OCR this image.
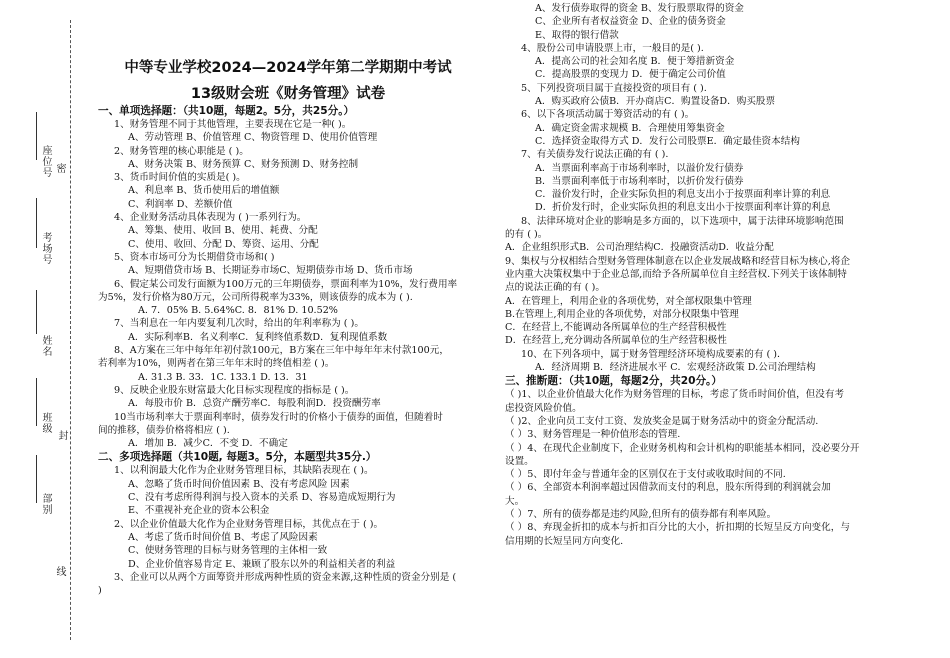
座位号 密
考场号
姓名
班级
封
部别
线
中等专业学校2024—2024学年第二学期期中考试
13级财会班《财务管理》试卷
一、单项选择题：（共10题，每题2。5分，共25分。）
1、财务管理不同于其他管理，主要表现在它是一种( )。
A、劳动管理 B、价值管理 C、物资管理 D、使用价值管理
2、财务管理的核心职能是 ( )。
A、财务决策 B、财务预算 C、财务预测 D、财务控制
3、货币时间价值的实质是( )。
A、利息率 B、货币使用后的增值额
C、利润率 D、差额价值
4、企业财务活动具体表现为 ( )一系列行为。
A、筹集、使用、收回 B、使用、耗费、分配
C、使用、收回、分配 D、筹资、运用、分配
5、资本市场可分为长期借贷市场和( )
A、短期借贷市场 B、长期证券市场C、短期债券市场 D、货币市场
6、假定某公司发行面额为100万元的三年期债券，票面利率为10%，发行费用率
为5%，发行价格为80万元，公司所得税率为33%，则该债券的成本为 ( ).
A. 7．05% B. 5.64%C. 8．81% D. 10.52%
7、当利息在一年内要复利几次时，给出的年利率称为 ( )。
A．实际利率B．名义利率C．复利终值系数D．复利现值系数
8、A方案在三年中每年年初付款100元，B方案在三年中每年年末付款100元，
若利率为10%，则两者在第三年年末时的终值相差 ( )。
A. 31.3 B. 33．1C. 133.1 D. 13．31
9、反映企业股东财富最大化目标实现程度的指标是 ( )。
A．每股市价 B．总资产酬劳率C．每股利润D．投资酬劳率
10当市场利率大于票面利率时，债券发行时的价格小于债券的面值，但随着时
间的推移，债券价格将相应 ( ).
A．增加 B．减少C．不变 D．不确定
二、多项选择题（共10题, 每题3。5分，本题型共35分.）
1、以利润最大化作为企业财务管理目标，其缺陷表现在 ( )。
A、忽略了货币时间价值因素 B、没有考虑风险 因素
C、没有考虑所得利润与投入资本的关系 D、容易造成短期行为
E、不重视补充企业的资本公积金
2、以企业价值最大化作为企业财务管理目标，其优点在于 ( )。
A、考虑了货币时间价值 B、考虑了风险因素
C、使财务管理的目标与财务管理的主体相一致
D、企业价值容易肯定 E、兼顾了股东以外的利益相关者的利益
3、企业可以从两个方面筹资并形成两种性质的资金来源,这种性质的资金分别是 (
)
A、发行债券取得的资金 B、发行股票取得的资金
C、企业所有者权益资金 D、企业的债务资金
E、取得的银行借款
4、股份公司申请股票上市，一般目的是( ).
A．提高公司的社会知名度 B．便于筹措新资金
C．提高股票的变现力 D．便于确定公司价值
5、下列投资项目属于直接投资的项目有 ( ).
A．购买政府公债B．开办商店C．购置设备D．购买股票
6、以下各项活动属于筹资活动的有 ( )。
A．确定资金需求规模 B．合理使用筹集资金
C．选择资金取得方式 D．发行公司股票E．确定最佳资本结构
7、有关债券发行说法正确的有 ( ).
A．当票面利率高于市场利率时，以溢价发行债券
B．当票面利率低于市场利率时，以折价发行债券
C．溢价发行时，企业实际负担的利息支出小于按票面利率计算的利息
D．折价发行时，企业实际负担的利息支出小于按票面利率计算的利息
8、法律环境对企业的影响是多方面的，以下选项中，属于法律环境影响范围
的有 ( )。
A．企业组织形式B．公司治理结构C．投融资活动D．收益分配
9、集权与分权相结合型财务管理体制意在以企业发展战略和经营目标为核心,将企
业内重大决策权集中于企业总部,而给予各所属单位自主经营权.下列关于该体制特
点的说法正确的有 ( )。
A．在管理上，利用企业的各项优势，对全部权限集中管理
B.在管理上,利用企业的各项优势，对部分权限集中管理
C．在经营上,不能调动各所属单位的生产经营积极性
D．在经营上,充分调动各所属单位的生产经营积极性
10、在下列各项中，属于财务管理经济环境构成要素的有 ( )．
A．经济周期 B．经济进展水平 C．宏观经济政策 D.公司治理结构
三、推断题：（共10题，每题2分，共20分。）
（ )1、以企业价值最大化作为财务管理的目标，考虑了货币时间价值，但没有考
虑投资风险价值。
（ )2、企业向员工支付工资、发放奖金是属于财务活动中的资金分配活动.
（ ）3、财务管理是一种价值形态的管理.
（ ）4、在现代企业制度下，企业财务机构和会计机构的职能基本相同，没必要分开
设置。
（ ）5、即付年金与普通年金的区别仅在于支付或收取时间的不同.
（ ）6、全部资本利润率超过因借款而支付的利息，股东所得到的利润就会加
大。
（ ）7、所有的债券都是违约风险,但所有的债券都有利率风险。
（ ）8、弃现金折扣的成本与折扣百分比的大小，折扣期的长短呈反方向变化，与
信用期的长短呈同方向变化.
